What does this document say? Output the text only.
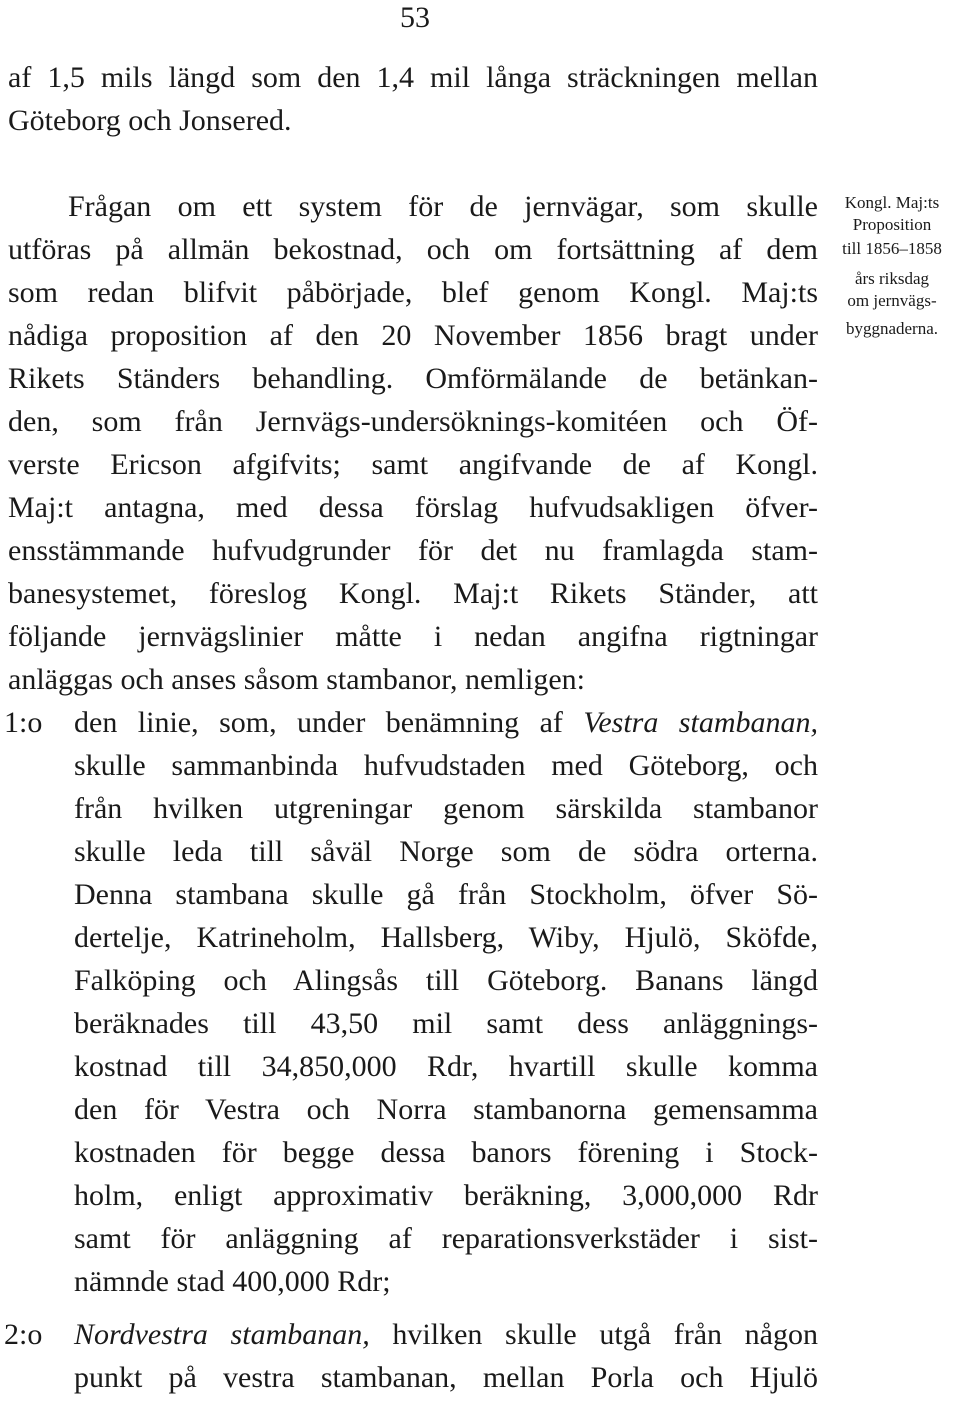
53
af 1,5 mils längd som den 1,4 mil långa sträckningen mellan
Göteborg och Jonsered.
Frågan om ett system för de jernvägar, som skulle
utföras på allmän bekostnad, och om fortsättning af dem
som redan blifvit påbörjade, blef genom Kongl. Maj:ts
nådiga proposition af den 20 November 1856 bragt under
Rikets Ständers behandling. Omförmälande de betänkan-
den, som från Jernvägs-undersöknings-komitéen och Öf-
verste Ericson afgifvits; samt angifvande de af Kongl.
Maj:t antagna, med dessa förslag hufvudsakligen öfver-
ensstämmande hufvudgrunder för det nu framlagda stam-
banesystemet, föreslog Kongl. Maj:t Rikets Ständer, att
följande jernvägslinier måtte i nedan angifna rigtningar
anläggas och anses såsom stambanor, nemligen:
1:o den linie, som, under benämning af Vestra stambanan,
skulle sammanbinda hufvudstaden med Göteborg, och
från hvilken utgreningar genom särskilda stambanor
skulle leda till såväl Norge som de södra orterna.
Denna stambana skulle gå från Stockholm, öfver Sö-
dertelje, Katrineholm, Hallsberg, Wiby, Hjulö, Sköfde,
Falköping och Alingsås till Göteborg. Banans längd
beräknades till 43,50 mil samt dess anläggnings-
kostnad till 34,850,000 Rdr, hvartill skulle komma
den för Vestra och Norra stambanorna gemensamma
kostnaden för begge dessa banors förening i Stock-
holm, enligt approximativ beräkning, 3,000,000 Rdr
samt för anläggning af reparationsverkstäder i sist-
nämnde stad 400,000 Rdr;
2:o Nordvestra stambanan, hvilken skulle utgå från någon
punkt på vestra stambanan, mellan Porla och Hjulö
Kongl. Maj:ts
Proposition
till 1856–1858
års riksdag
om jernvägs-
byggnaderna.
